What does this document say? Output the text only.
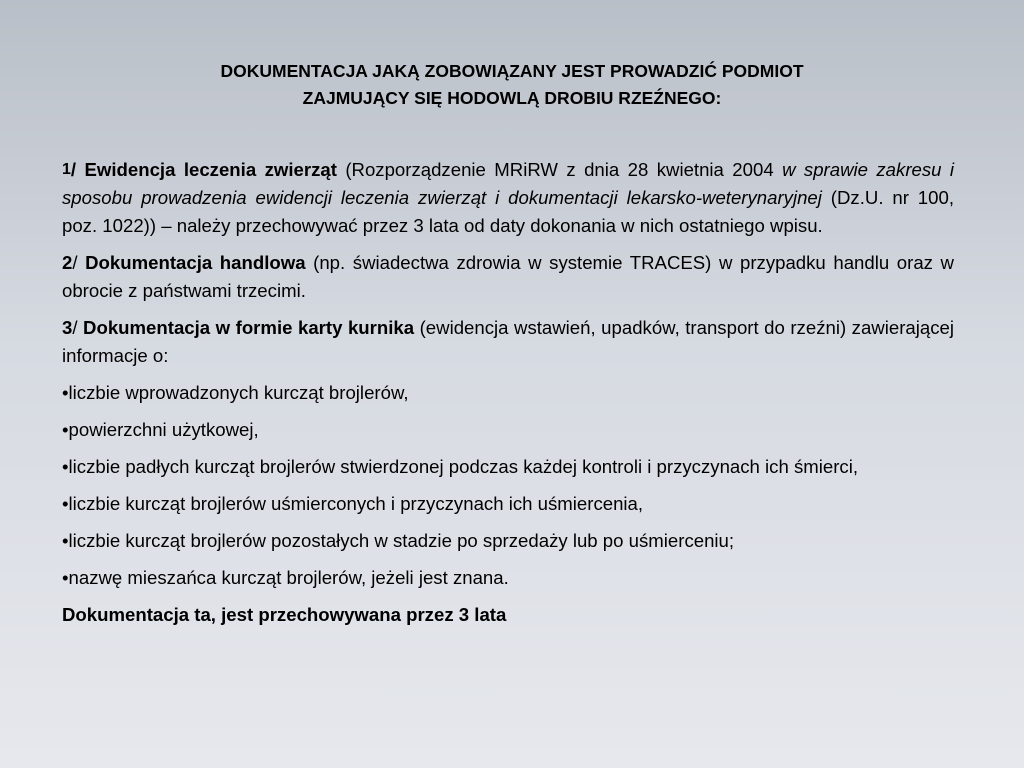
DOKUMENTACJA JAKĄ ZOBOWIĄZANY JEST PROWADZIĆ PODMIOT
ZAJMUJĄCY SIĘ HODOWLĄ DROBIU RZEŹNEGO:

1/ Ewidencja leczenia zwierząt (Rozporządzenie MRiRW z dnia 28 kwietnia 2004 w sprawie zakresu i sposobu prowadzenia ewidencji leczenia zwierząt i dokumentacji lekarsko-weterynaryjnej (Dz.U. nr 100, poz. 1022)) – należy przechowywać przez 3 lata od daty dokonania w nich ostatniego wpisu.

2/ Dokumentacja handlowa (np. świadectwa zdrowia w systemie TRACES) w przypadku handlu oraz w obrocie z państwami trzecimi.

3/ Dokumentacja w formie karty kurnika (ewidencja wstawień, upadków, transport do rzeźni) zawierającej informacje o:

•liczbie wprowadzonych kurcząt brojlerów,

•powierzchni użytkowej,

•liczbie padłych kurcząt brojlerów stwierdzonej podczas każdej kontroli i przyczynach ich śmierci,

•liczbie kurcząt brojlerów uśmierconych i przyczynach ich uśmiercenia,

•liczbie kurcząt brojlerów pozostałych w stadzie po sprzedaży lub po uśmierceniu;

•nazwę mieszańca kurcząt brojlerów, jeżeli jest znana.

Dokumentacja ta, jest przechowywana przez 3 lata
